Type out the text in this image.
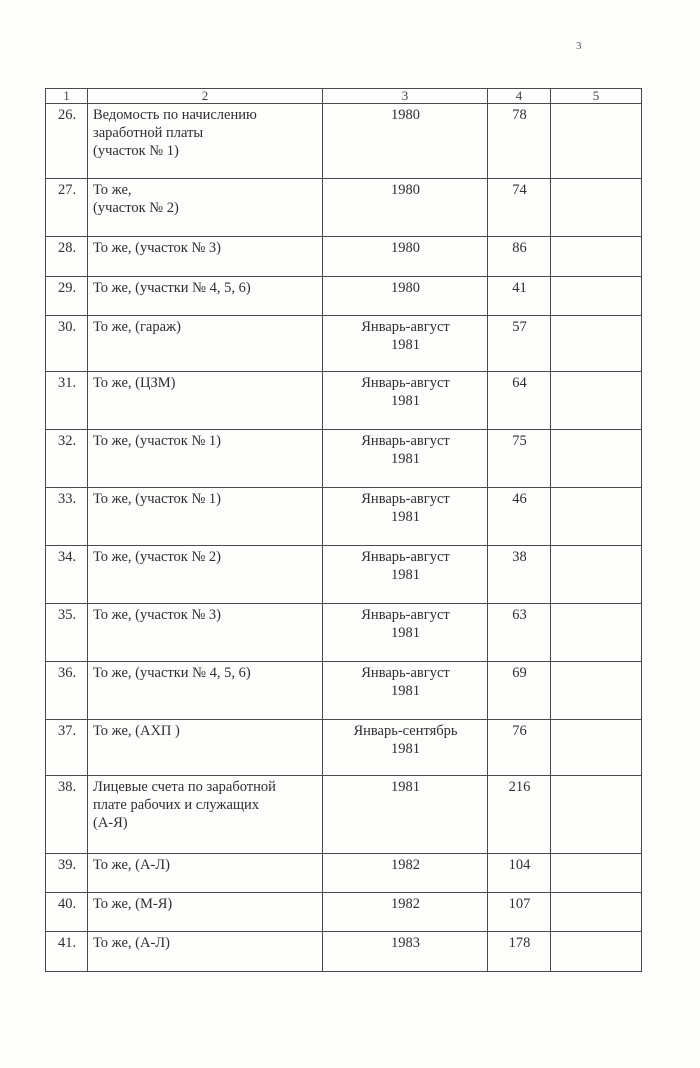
3
1	2	3	4	5
26.	Ведомость по начислению
заработной платы
(участок № 1)	1980	78	
27.	То же,
(участок № 2)	1980	74	
28.	То же, (участок № 3)	1980	86	
29.	То же, (участки № 4, 5, 6)	1980	41	
30.	То же, (гараж)	Январь-август
1981	57	
31.	То же, (ЦЗМ)	Январь-август
1981	64	
32.	То же, (участок № 1)	Январь-август
1981	75	
33.	То же, (участок № 1)	Январь-август
1981	46	
34.	То же, (участок № 2)	Январь-август
1981	38	
35.	То же, (участок № 3)	Январь-август
1981	63	
36.	То же, (участки № 4, 5, 6)	Январь-август
1981	69	
37.	То же, (АХП )	Январь-сентябрь
1981	76	
38.	Лицевые счета по заработной
плате рабочих и служащих
(А-Я)	1981	216	
39.	То же, (А-Л)	1982	104	
40.	То же, (М-Я)	1982	107	
41.	То же, (А-Л)	1983	178	
